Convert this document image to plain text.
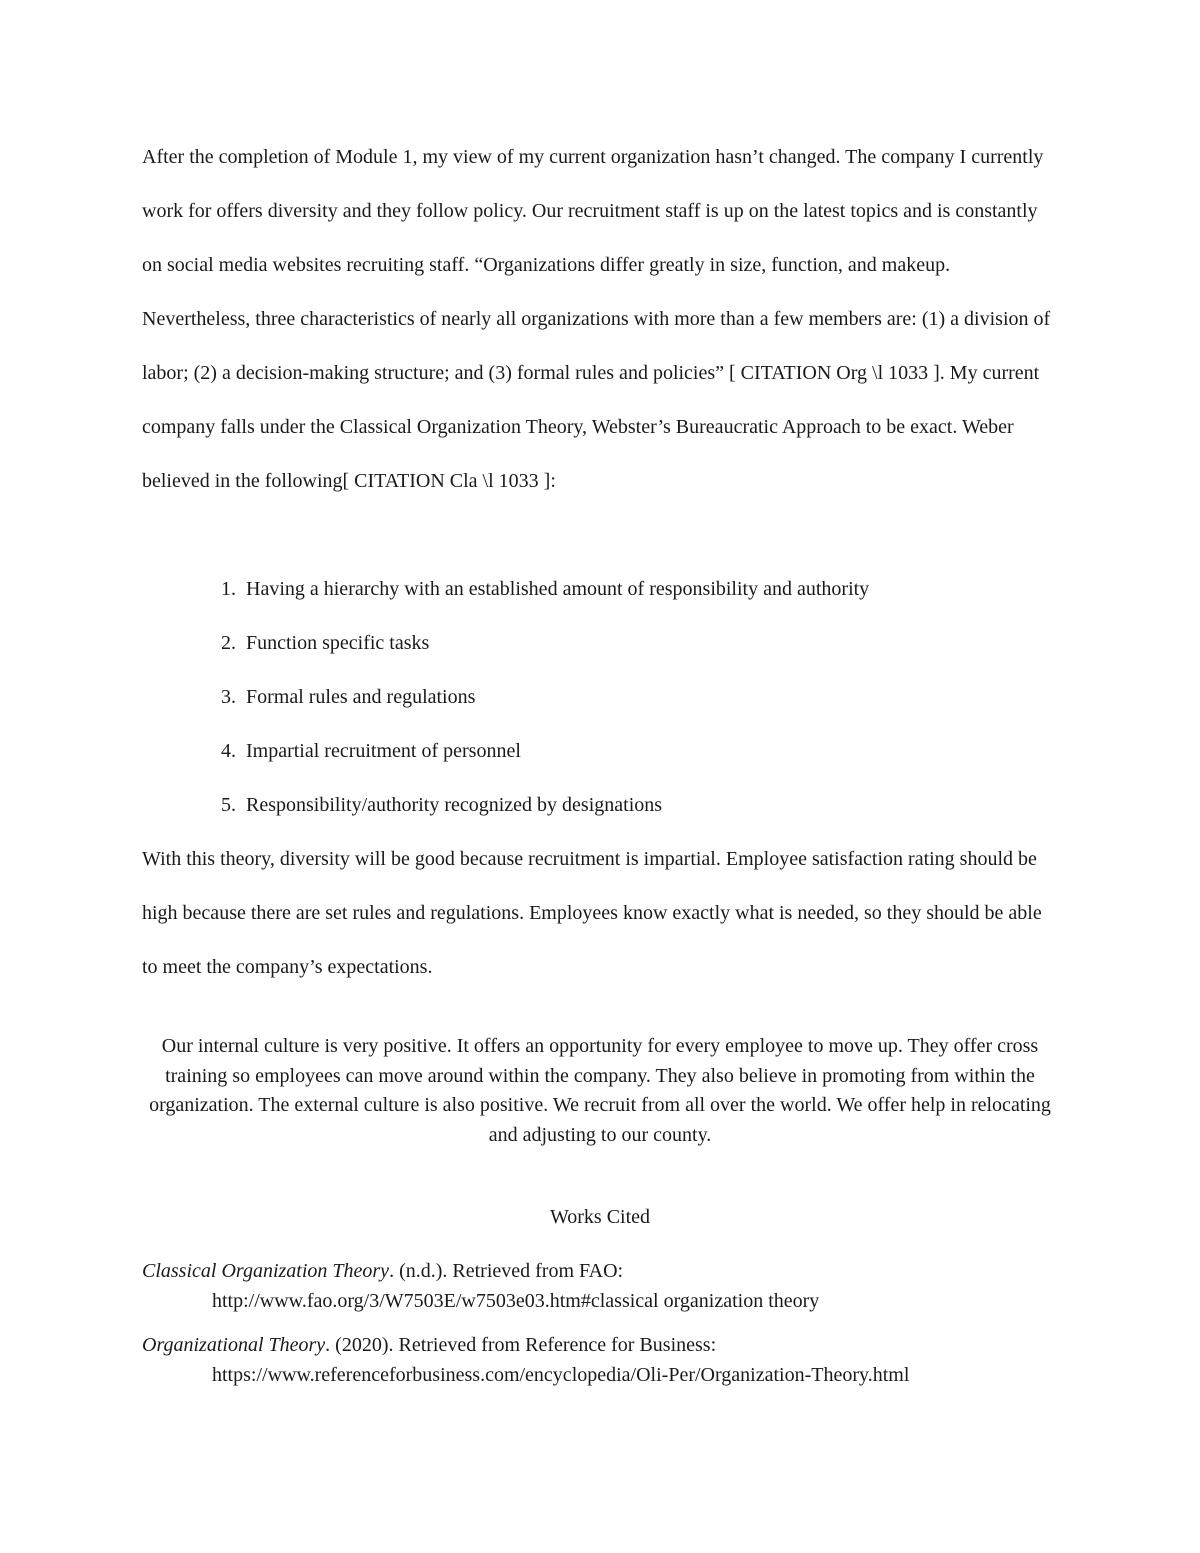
After the completion of Module 1, my view of my current organization hasn’t changed. The company I currently work for offers diversity and they follow policy. Our recruitment staff is up on the latest topics and is constantly on social media websites recruiting staff. “Organizations differ greatly in size, function, and makeup. Nevertheless, three characteristics of nearly all organizations with more than a few members are: (1) a division of labor; (2) a decision-making structure; and (3) formal rules and policies” [ CITATION Org \l 1033 ]. My current company falls under the Classical Organization Theory, Webster’s Bureaucratic Approach to be exact. Weber believed in the following[ CITATION Cla \l 1033 ]:

1. Having a hierarchy with an established amount of responsibility and authority
2. Function specific tasks
3. Formal rules and regulations
4. Impartial recruitment of personnel
5. Responsibility/authority recognized by designations

With this theory, diversity will be good because recruitment is impartial. Employee satisfaction rating should be high because there are set rules and regulations. Employees know exactly what is needed, so they should be able to meet the company’s expectations.

Our internal culture is very positive. It offers an opportunity for every employee to move up. They offer cross training so employees can move around within the company. They also believe in promoting from within the organization. The external culture is also positive. We recruit from all over the world. We offer help in relocating and adjusting to our county.

Works Cited

Classical Organization Theory. (n.d.). Retrieved from FAO:
http://www.fao.org/3/W7503E/w7503e03.htm#classical organization theory

Organizational Theory. (2020). Retrieved from Reference for Business:
https://www.referenceforbusiness.com/encyclopedia/Oli-Per/Organization-Theory.html
